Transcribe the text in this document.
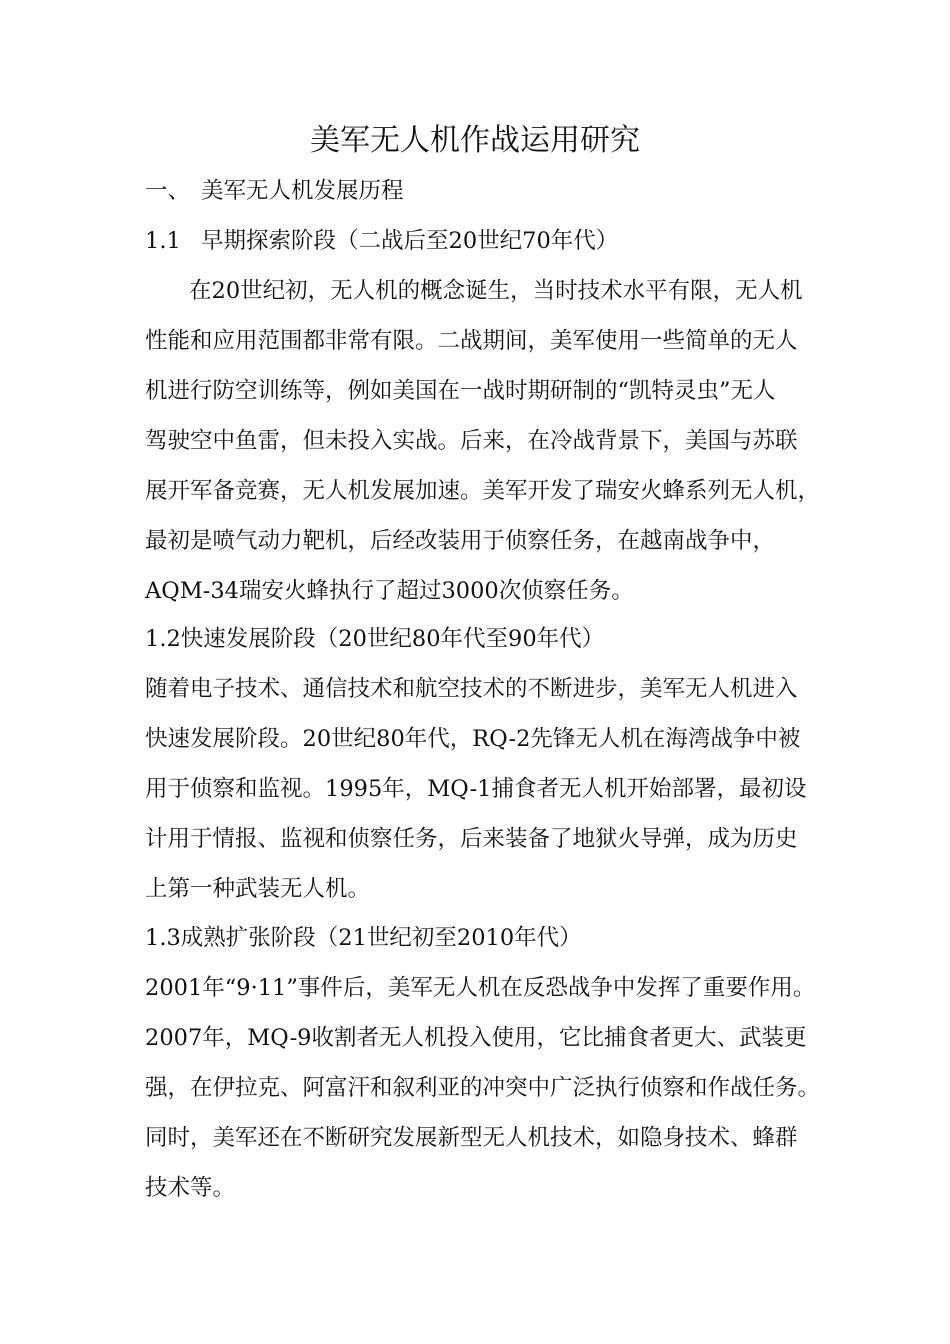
美军无人机作战运用研究
一、 美军无人机发展历程
1.1 早期探索阶段（二战后至20世纪70年代）
在20世纪初，无人机的概念诞生，当时技术水平有限，无人机
性能和应用范围都非常有限。二战期间，美军使用一些简单的无人
机进行防空训练等，例如美国在一战时期研制的“凯特灵虫”无人
驾驶空中鱼雷，但未投入实战。后来，在冷战背景下，美国与苏联
展开军备竞赛，无人机发展加速。美军开发了瑞安火蜂系列无人机，
最初是喷气动力靶机，后经改装用于侦察任务，在越南战争中，
AQM-34瑞安火蜂执行了超过3000次侦察任务。
1.2快速发展阶段（20世纪80年代至90年代）
随着电子技术、通信技术和航空技术的不断进步，美军无人机进入
快速发展阶段。20世纪80年代，RQ-2先锋无人机在海湾战争中被
用于侦察和监视。1995年，MQ-1捕食者无人机开始部署，最初设
计用于情报、监视和侦察任务，后来装备了地狱火导弹，成为历史
上第一种武装无人机。
1.3成熟扩张阶段（21世纪初至2010年代）
2001年“9·11”事件后，美军无人机在反恐战争中发挥了重要作用。
2007年，MQ-9收割者无人机投入使用，它比捕食者更大、武装更
强，在伊拉克、阿富汗和叙利亚的冲突中广泛执行侦察和作战任务。
同时，美军还在不断研究发展新型无人机技术，如隐身技术、蜂群
技术等。
